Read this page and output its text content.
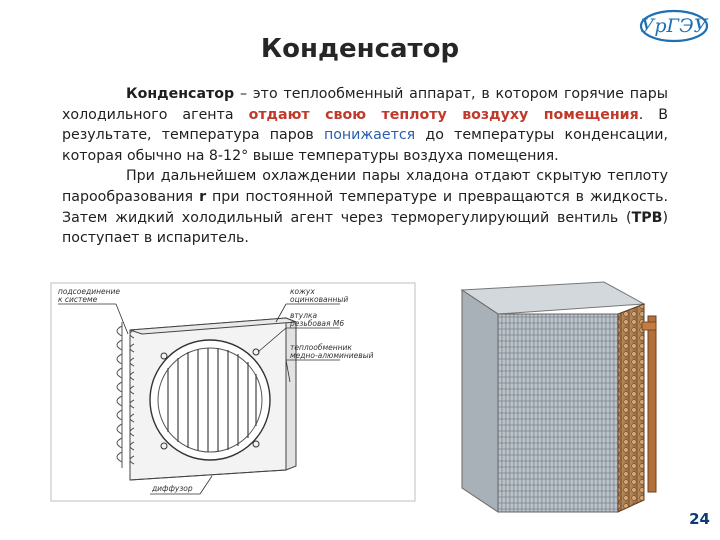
Конденсатор
УрГЭУ

Конденсатор – это теплообменный аппарат, в котором горячие пары холодильного агента отдают свою теплоту воздуху помещения. В результате, температура паров понижается до температуры конденсации, которая обычно на 8-12° выше температуры воздуха помещения.

При дальнейшем охлаждении пары хладона отдают скрытую теплоту парообразования r при постоянной температуре и превращаются в жидкость. Затем жидкий холодильный агент через терморегулирующий вентиль (ТРВ) поступает в испаритель.

подсоединение
к системе
кожух
оцинкованный
втулка
резьбовая М6
теплообменник
медно-алюминиевый
диффузор
24
